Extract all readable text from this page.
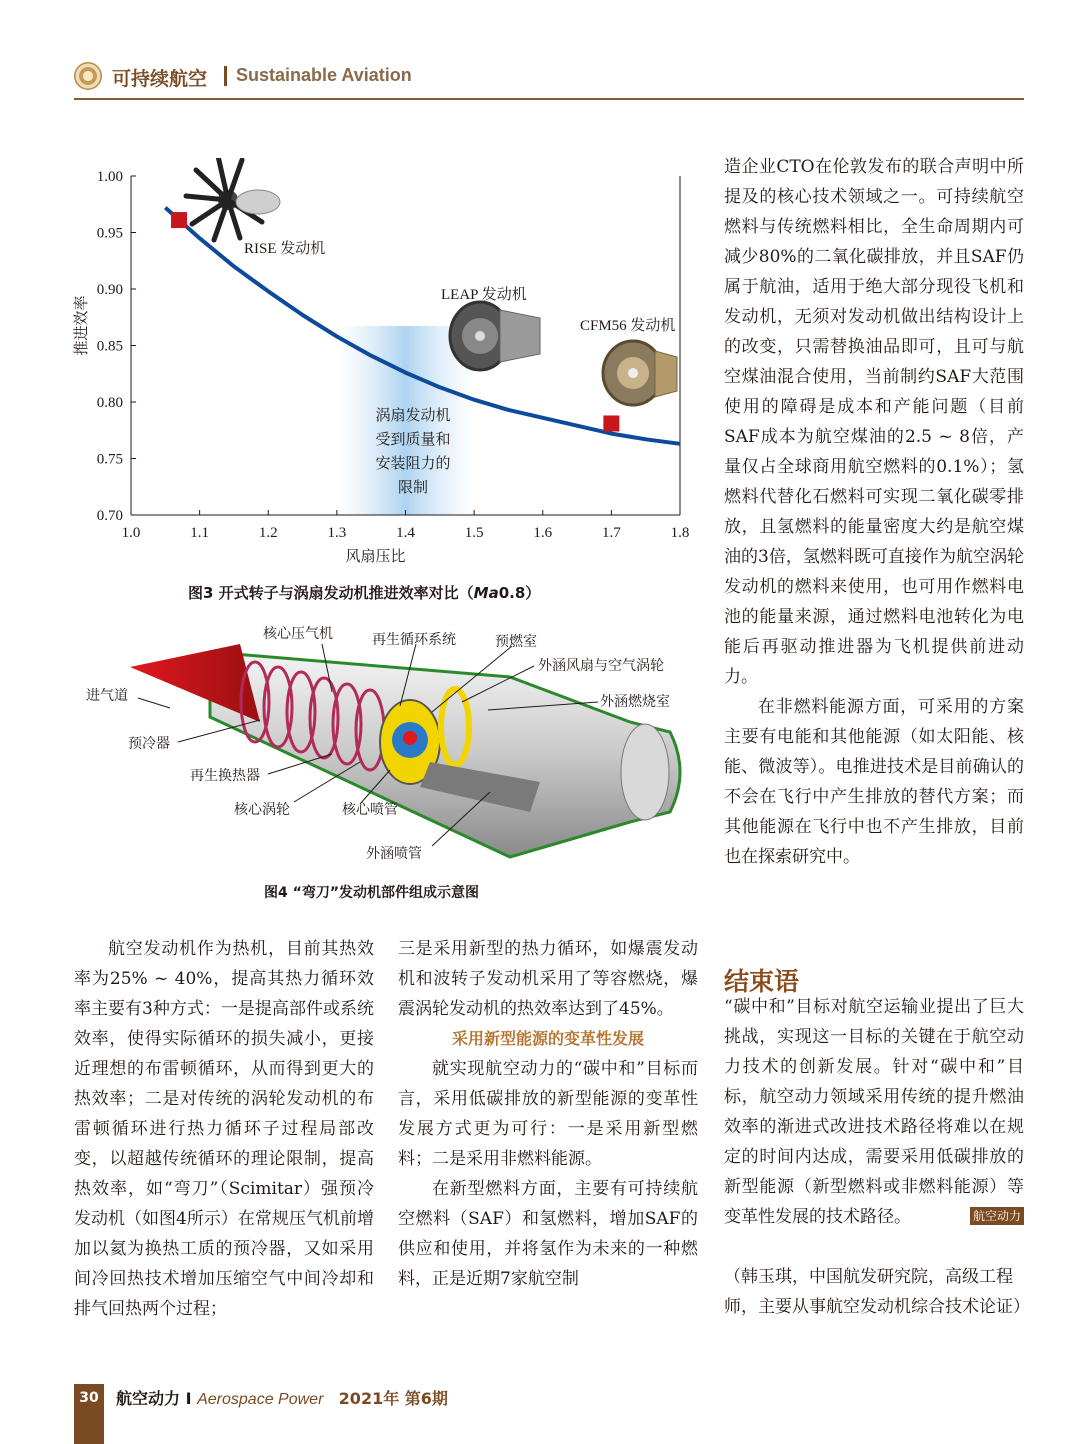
可持续航空 Sustainable Aviation
1.0	1.1	1.2	1.3	1.4	1.5	1.6	1.7	1.8
0.70
0.75
0.80
0.85
0.90
0.95
1.00
风扇压比
推进效率
涡扇发动机
受到质量和
安装阻力的
限制
RISE 发动机
LEAP 发动机
CFM56 发动机
图3 开式转子与涡扇发动机推进效率对比（Ma0.8）
核心压气机	再生循环系统	预燃室
外涵风扇与空气涡轮
外涵燃烧室
进气道
预冷器
再生换热器
核心涡轮	核心喷管
外涵喷管
图4 “弯刀”发动机部件组成示意图

造企业CTO在伦敦发布的联合声明中所提及的核心技术领域之一。可持续航空燃料与传统燃料相比，全生命周期内可减少80%的二氧化碳排放，并且SAF仍属于航油，适用于绝大部分现役飞机和发动机，无须对发动机做出结构设计上的改变，只需替换油品即可，且可与航空煤油混合使用，当前制约SAF大范围使用的障碍是成本和产能问题（目前SAF成本为航空煤油的2.5 ~ 8倍，产量仅占全球商用航空燃料的0.1%）；氢燃料代替化石燃料可实现二氧化碳零排放，且氢燃料的能量密度大约是航空煤油的3倍，氢燃料既可直接作为航空涡轮发动机的燃料来使用，也可用作燃料电池的能量来源，通过燃料电池转化为电能后再驱动推进器为飞机提供前进动力。

在非燃料能源方面，可采用的方案主要有电能和其他能源（如太阳能、核能、微波等）。电推进技术是目前确认的不会在飞行中产生排放的替代方案；而其他能源在飞行中也不产生排放，目前也在探索研究中。

结束语

“碳中和”目标对航空运输业提出了巨大挑战，实现这一目标的关键在于航空动力技术的创新发展。针对“碳中和”目标，航空动力领域采用传统的提升燃油效率的渐进式改进技术路径将难以在规定的时间内达成，需要采用低碳排放的新型能源（新型燃料或非燃料能源）等变革性发展的技术路径。	航空动力

（韩玉琪，中国航发研究院，高级工程师，主要从事航空发动机综合技术论证）

航空发动机作为热机，目前其热效率为25% ~ 40%，提高其热力循环效率主要有3种方式：一是提高部件或系统效率，使得实际循环的损失减小，更接近理想的布雷顿循环，从而得到更大的热效率；二是对传统的涡轮发动机的布雷顿循环进行热力循环子过程局部改变，以超越传统循环的理论限制，提高热效率，如“弯刀”（Scimitar）强预冷发动机（如图4所示）在常规压气机前增加以氦为换热工质的预冷器，又如采用间冷回热技术增加压缩空气中间冷却和排气回热两个过程；

三是采用新型的热力循环，如爆震发动机和波转子发动机采用了等容燃烧，爆震涡轮发动机的热效率达到了45%。

采用新型能源的变革性发展

就实现航空动力的“碳中和”目标而言，采用低碳排放的新型能源的变革性发展方式更为可行：一是采用新型燃料；二是采用非燃料能源。

在新型燃料方面，主要有可持续航空燃料（SAF）和氢燃料，增加SAF的供应和使用，并将氢作为未来的一种燃料，正是近期7家航空制

30	航空动力 I Aerospace Power 2021年 第6期
